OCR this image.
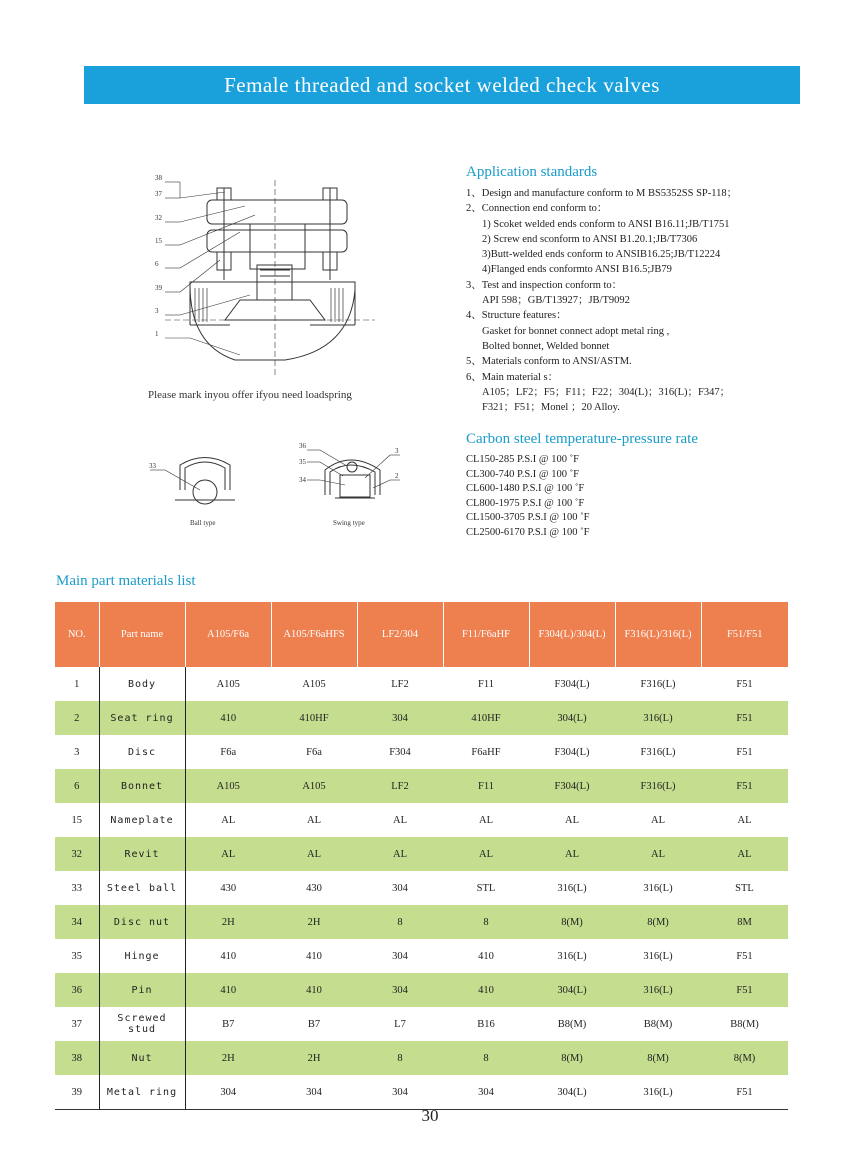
Female threaded and socket welded check valves
38
37
32
15
6
39
3
1
Please mark inyou offer ifyou need loadspring
33
Ball type
36
35
34
3
2
Swing type
Application standards
1、Design and manufacture conform to M BS5352SS SP-118；
2、Connection end conform to：
1) Scoket welded ends conform to ANSI B16.11;JB/T1751
2) Screw end sconform to ANSI B1.20.1;JB/T7306
3)Butt-welded ends conform to ANSIB16.25;JB/T12224
4)Flanged ends conformto ANSI B16.5;JB79
3、Test and inspection conform to：
API 598；GB/T13927；JB/T9092
4、Structure features：
Gasket for bonnet connect adopt metal ring ,
Bolted bonnet, Welded bonnet
5、Materials conform to ANSI/ASTM.
6、Main material s：
A105；LF2；F5；F11；F22；304(L)；316(L)；F347；
F321；F51；Monel ；20 Alloy.
Carbon steel temperature-pressure rate
CL150-285 P.S.I @ 100 ˚F
CL300-740 P.S.I @ 100 ˚F
CL600-1480 P.S.I @ 100 ˚F
CL800-1975 P.S.I @ 100 ˚F
CL1500-3705 P.S.I @ 100 ˚F
CL2500-6170 P.S.I @ 100 ˚F
Main part materials list
NO.	Part name	A105/F6a	A105/F6aHFS	LF2/304	F11/F6aHF	F304(L)/304(L)	F316(L)/316(L)	F51/F51
1	Body	A105	A105	LF2	F11	F304(L)	F316(L)	F51
2	Seat ring	410	410HF	304	410HF	304(L)	316(L)	F51
3	Disc	F6a	F6a	F304	F6aHF	F304(L)	F316(L)	F51
6	Bonnet	A105	A105	LF2	F11	F304(L)	F316(L)	F51
15	Nameplate	AL	AL	AL	AL	AL	AL	AL
32	Revit	AL	AL	AL	AL	AL	AL	AL
33	Steel ball	430	430	304	STL	316(L)	316(L)	STL
34	Disc nut	2H	2H	8	8	8(M)	8(M)	8M
35	Hinge	410	410	304	410	316(L)	316(L)	F51
36	Pin	410	410	304	410	304(L)	316(L)	F51
37	Screwed stud	B7	B7	L7	B16	B8(M)	B8(M)	B8(M)
38	Nut	2H	2H	8	8	8(M)	8(M)	8(M)
39	Metal ring	304	304	304	304	304(L)	316(L)	F51
30
